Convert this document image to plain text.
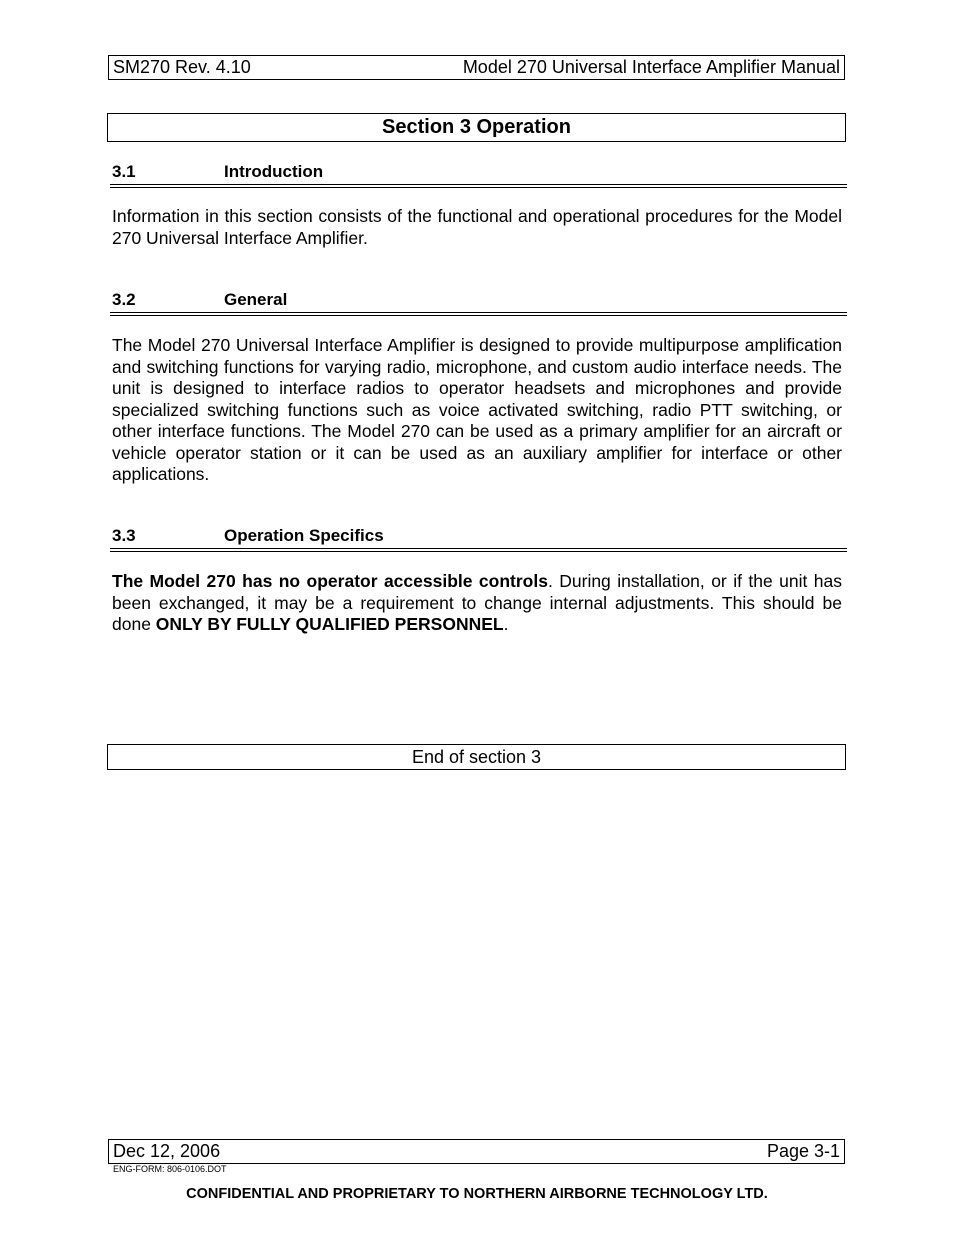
SM270 Rev. 4.10	Model 270 Universal Interface Amplifier Manual
Section 3 Operation
3.1	Introduction

Information in this section consists of the functional and operational procedures for the Model 270 Universal Interface Amplifier.

3.2	General

The Model 270 Universal Interface Amplifier is designed to provide multipurpose amplification and switching functions for varying radio, microphone, and custom audio interface needs. The unit is designed to interface radios to operator headsets and microphones and provide specialized switching functions such as voice activated switching, radio PTT switching, or other interface functions. The Model 270 can be used as a primary amplifier for an aircraft or vehicle operator station or it can be used as an auxiliary amplifier for interface or other applications.

3.3	Operation Specifics

The Model 270 has no operator accessible controls. During installation, or if the unit has been exchanged, it may be a requirement to change internal adjustments. This should be done ONLY BY FULLY QUALIFIED PERSONNEL.

End of section 3
Dec 12, 2006	Page 3-1
ENG-FORM: 806-0106.DOT
CONFIDENTIAL AND PROPRIETARY TO NORTHERN AIRBORNE TECHNOLOGY LTD.
